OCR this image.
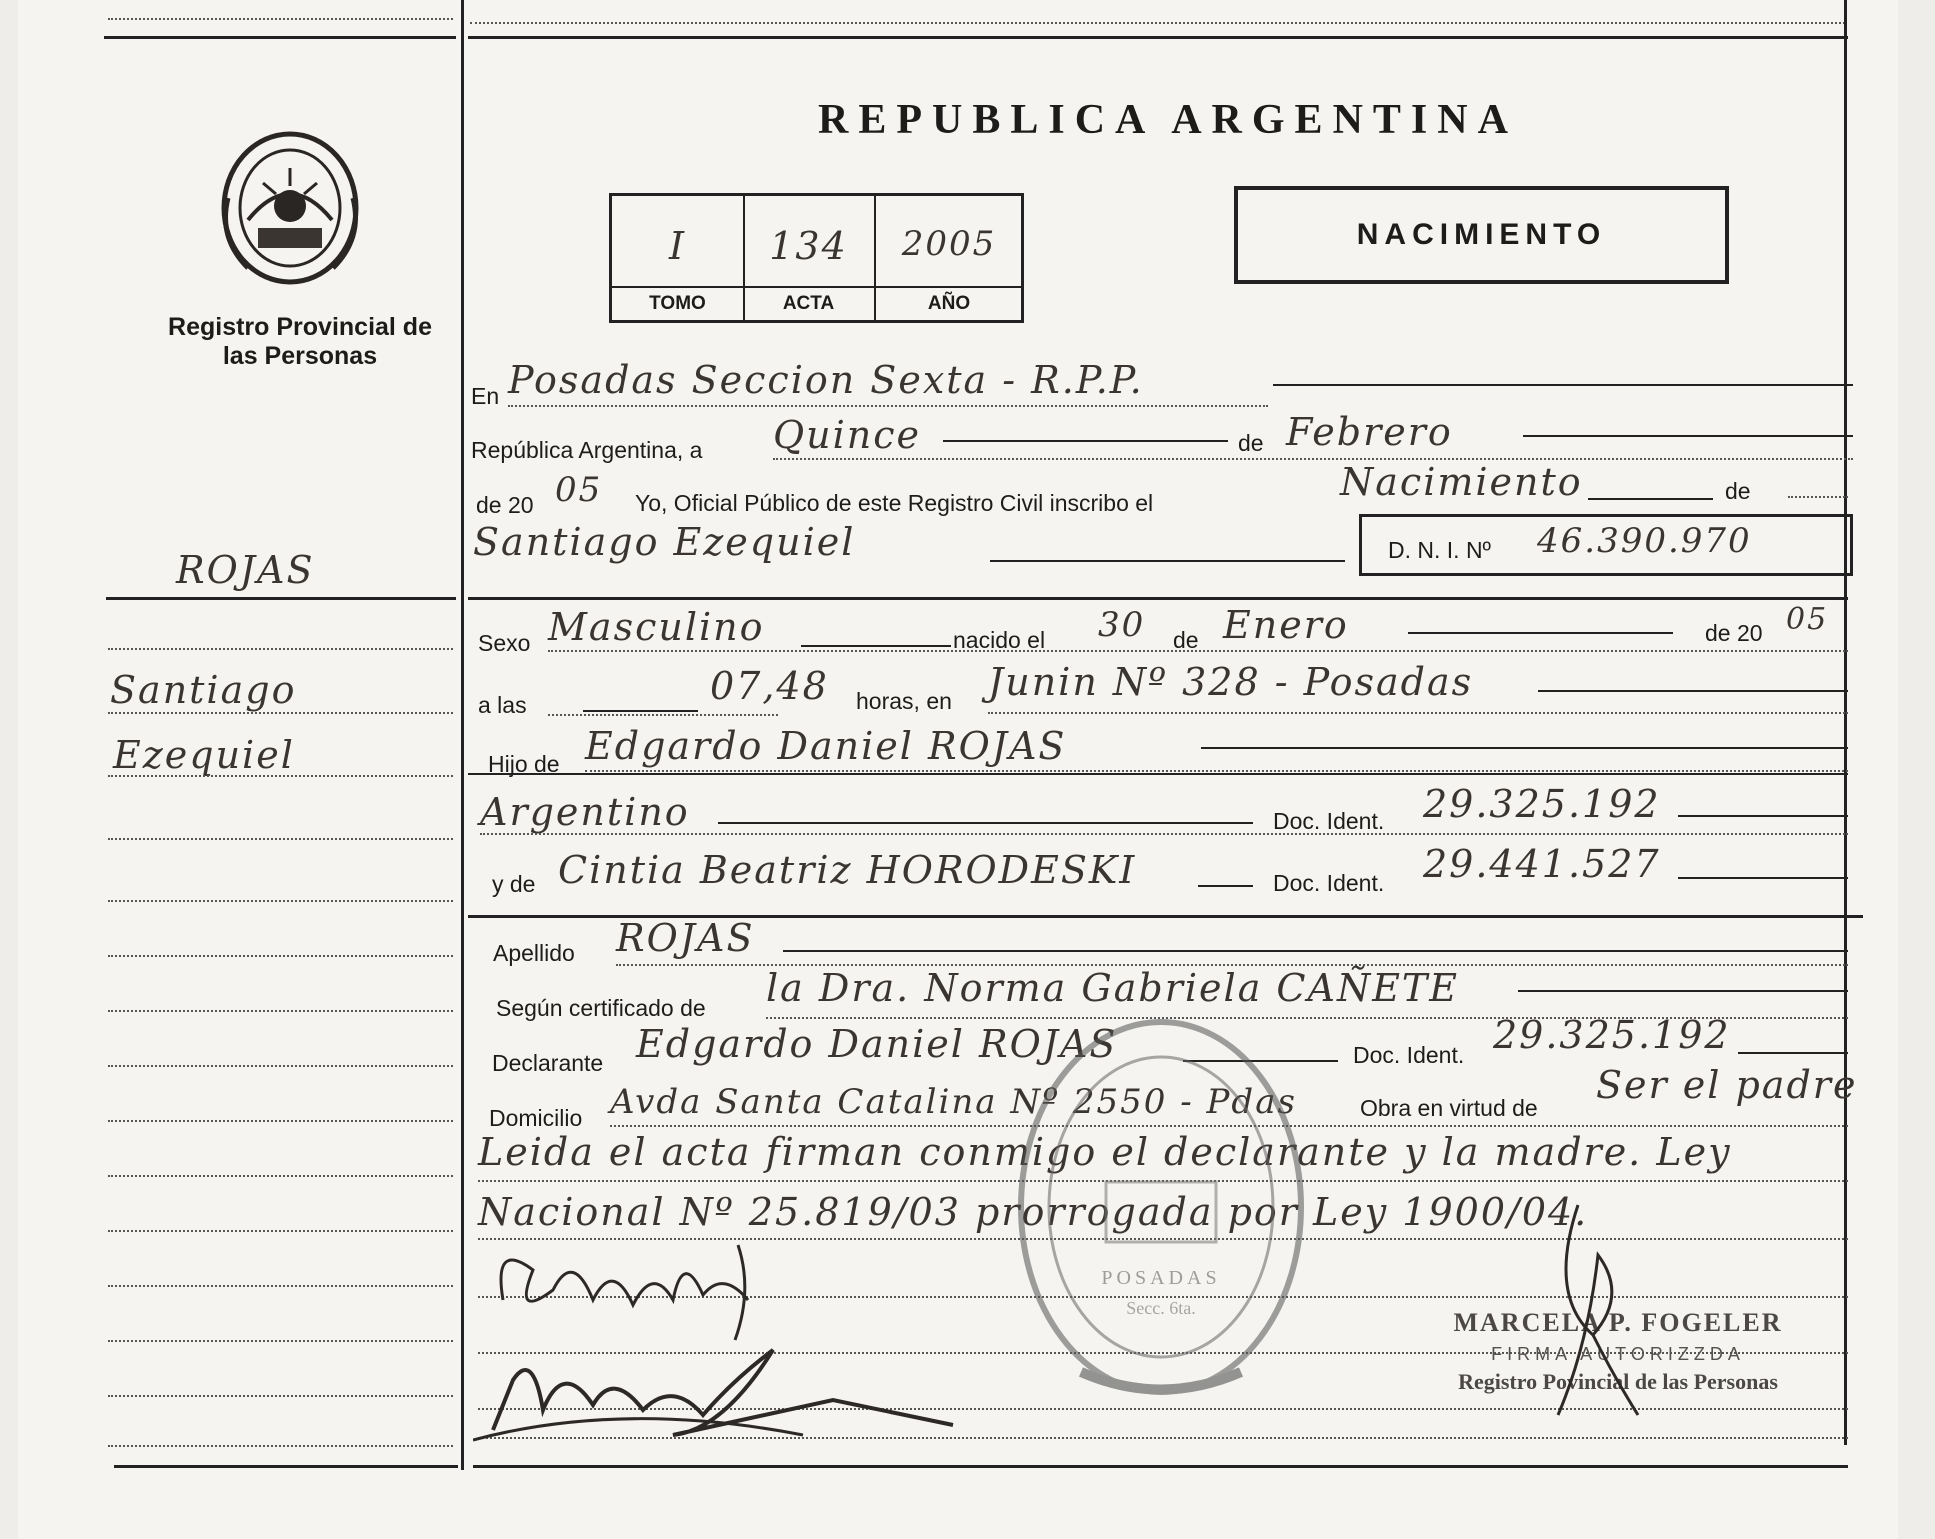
Registro Provincial de las Personas
ROJAS
Santiago
Ezequiel
REPUBLICA ARGENTINA
I	134	2005
TOMO	ACTA	AÑO
NACIMIENTO
En Posadas Seccion Sexta - R.P.P.
República Argentina, a Quince	de Febrero
de 20 05 Yo, Oficial Público de este Registro Civil inscribo el	Nacimiento	de
Santiago Ezequiel	D. N. I. Nº 46.390.970
Sexo Masculino	nacido el 30 de Enero	de 20 05
a las	07,48 horas, en Junin Nº 328 - Posadas
Hijo de Edgardo Daniel ROJAS
Argentino	Doc. Ident. 29.325.192
y de Cintia Beatriz HORODESKI	Doc. Ident. 29.441.527
Apellido ROJAS
Según certificado de la Dra. Norma Gabriela CAÑETE
Declarante Edgardo Daniel ROJAS	Doc. Ident. 29.325.192
Domicilio Avda Santa Catalina Nº 2550 - Pdas	Obra en virtud de
Ser el padre
Leida el acta firman conmigo el declarante y la madre. Ley
Nacional Nº 25.819/03 prorrogada por Ley 1900/04.
POSADAS
Secc. 6ta.	MARCELA P. FOGELER
FIRMA AUTORIZZDA
Registro Povincial de las Personas
